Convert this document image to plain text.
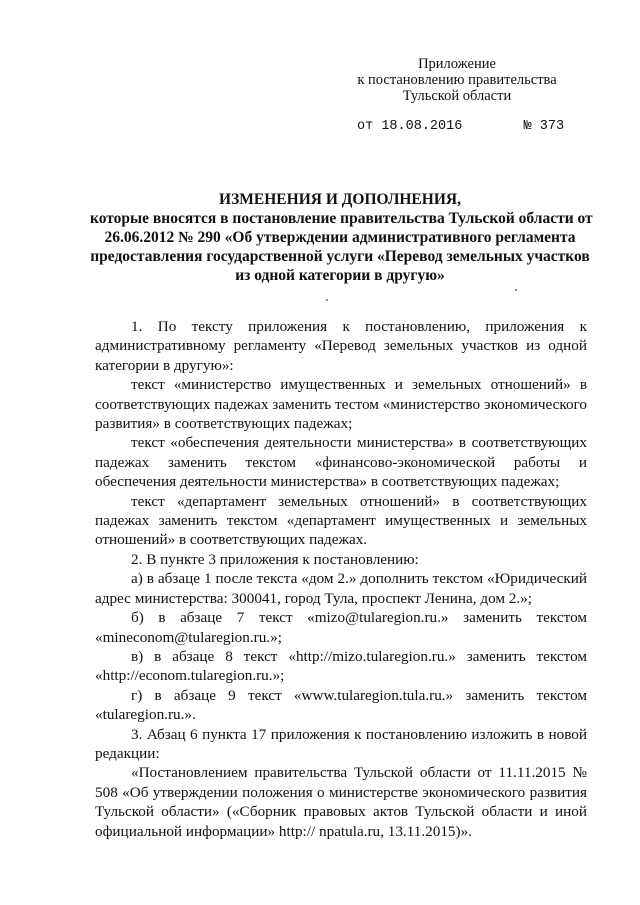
Приложение
к постановлению правительства
Тульской области
от 18.08.2016	№ 373
ИЗМЕНЕНИЯ И ДОПОЛНЕНИЯ,
которые вносятся в постановление правительства Тульской области от
26.06.2012 № 290 «Об утверждении административного регламента
предоставления государственной услуги «Перевод земельных участков
из одной категории в другую»

1. По тексту приложения к постановлению, приложения к административному регламенту «Перевод земельных участков из одной категории в другую»:

текст «министерство имущественных и земельных отношений» в соответствующих падежах заменить тестом «министерство экономического развития» в соответствующих падежах;

текст «обеспечения деятельности министерства» в соответствующих падежах заменить текстом «финансово-экономической работы и обеспечения деятельности министерства» в соответствующих падежах;

текст «департамент земельных отношений» в соответствующих падежах заменить текстом «департамент имущественных и земельных отношений» в соответствующих падежах.

2. В пункте 3 приложения к постановлению:

а) в абзаце 1 после текста «дом 2.» дополнить текстом «Юридический адрес министерства: 300041, город Тула, проспект Ленина, дом 2.»;

б) в абзаце 7 текст «mizo@tularegion.ru.» заменить текстом «mineconom@tularegion.ru.»;

в) в абзаце 8 текст «http://mizo.tularegion.ru.» заменить текстом «http://econom.tularegion.ru.»;

г) в абзаце 9 текст «www.tularegion.tula.ru.» заменить текстом «tularegion.ru.».

3. Абзац 6 пункта 17 приложения к постановлению изложить в новой редакции:

«Постановлением правительства Тульской области от 11.11.2015 № 508 «Об утверждении положения о министерстве экономического развития Тульской области» («Сборник правовых актов Тульской области и иной официальной информации» http:// npatula.ru, 13.11.2015)».
